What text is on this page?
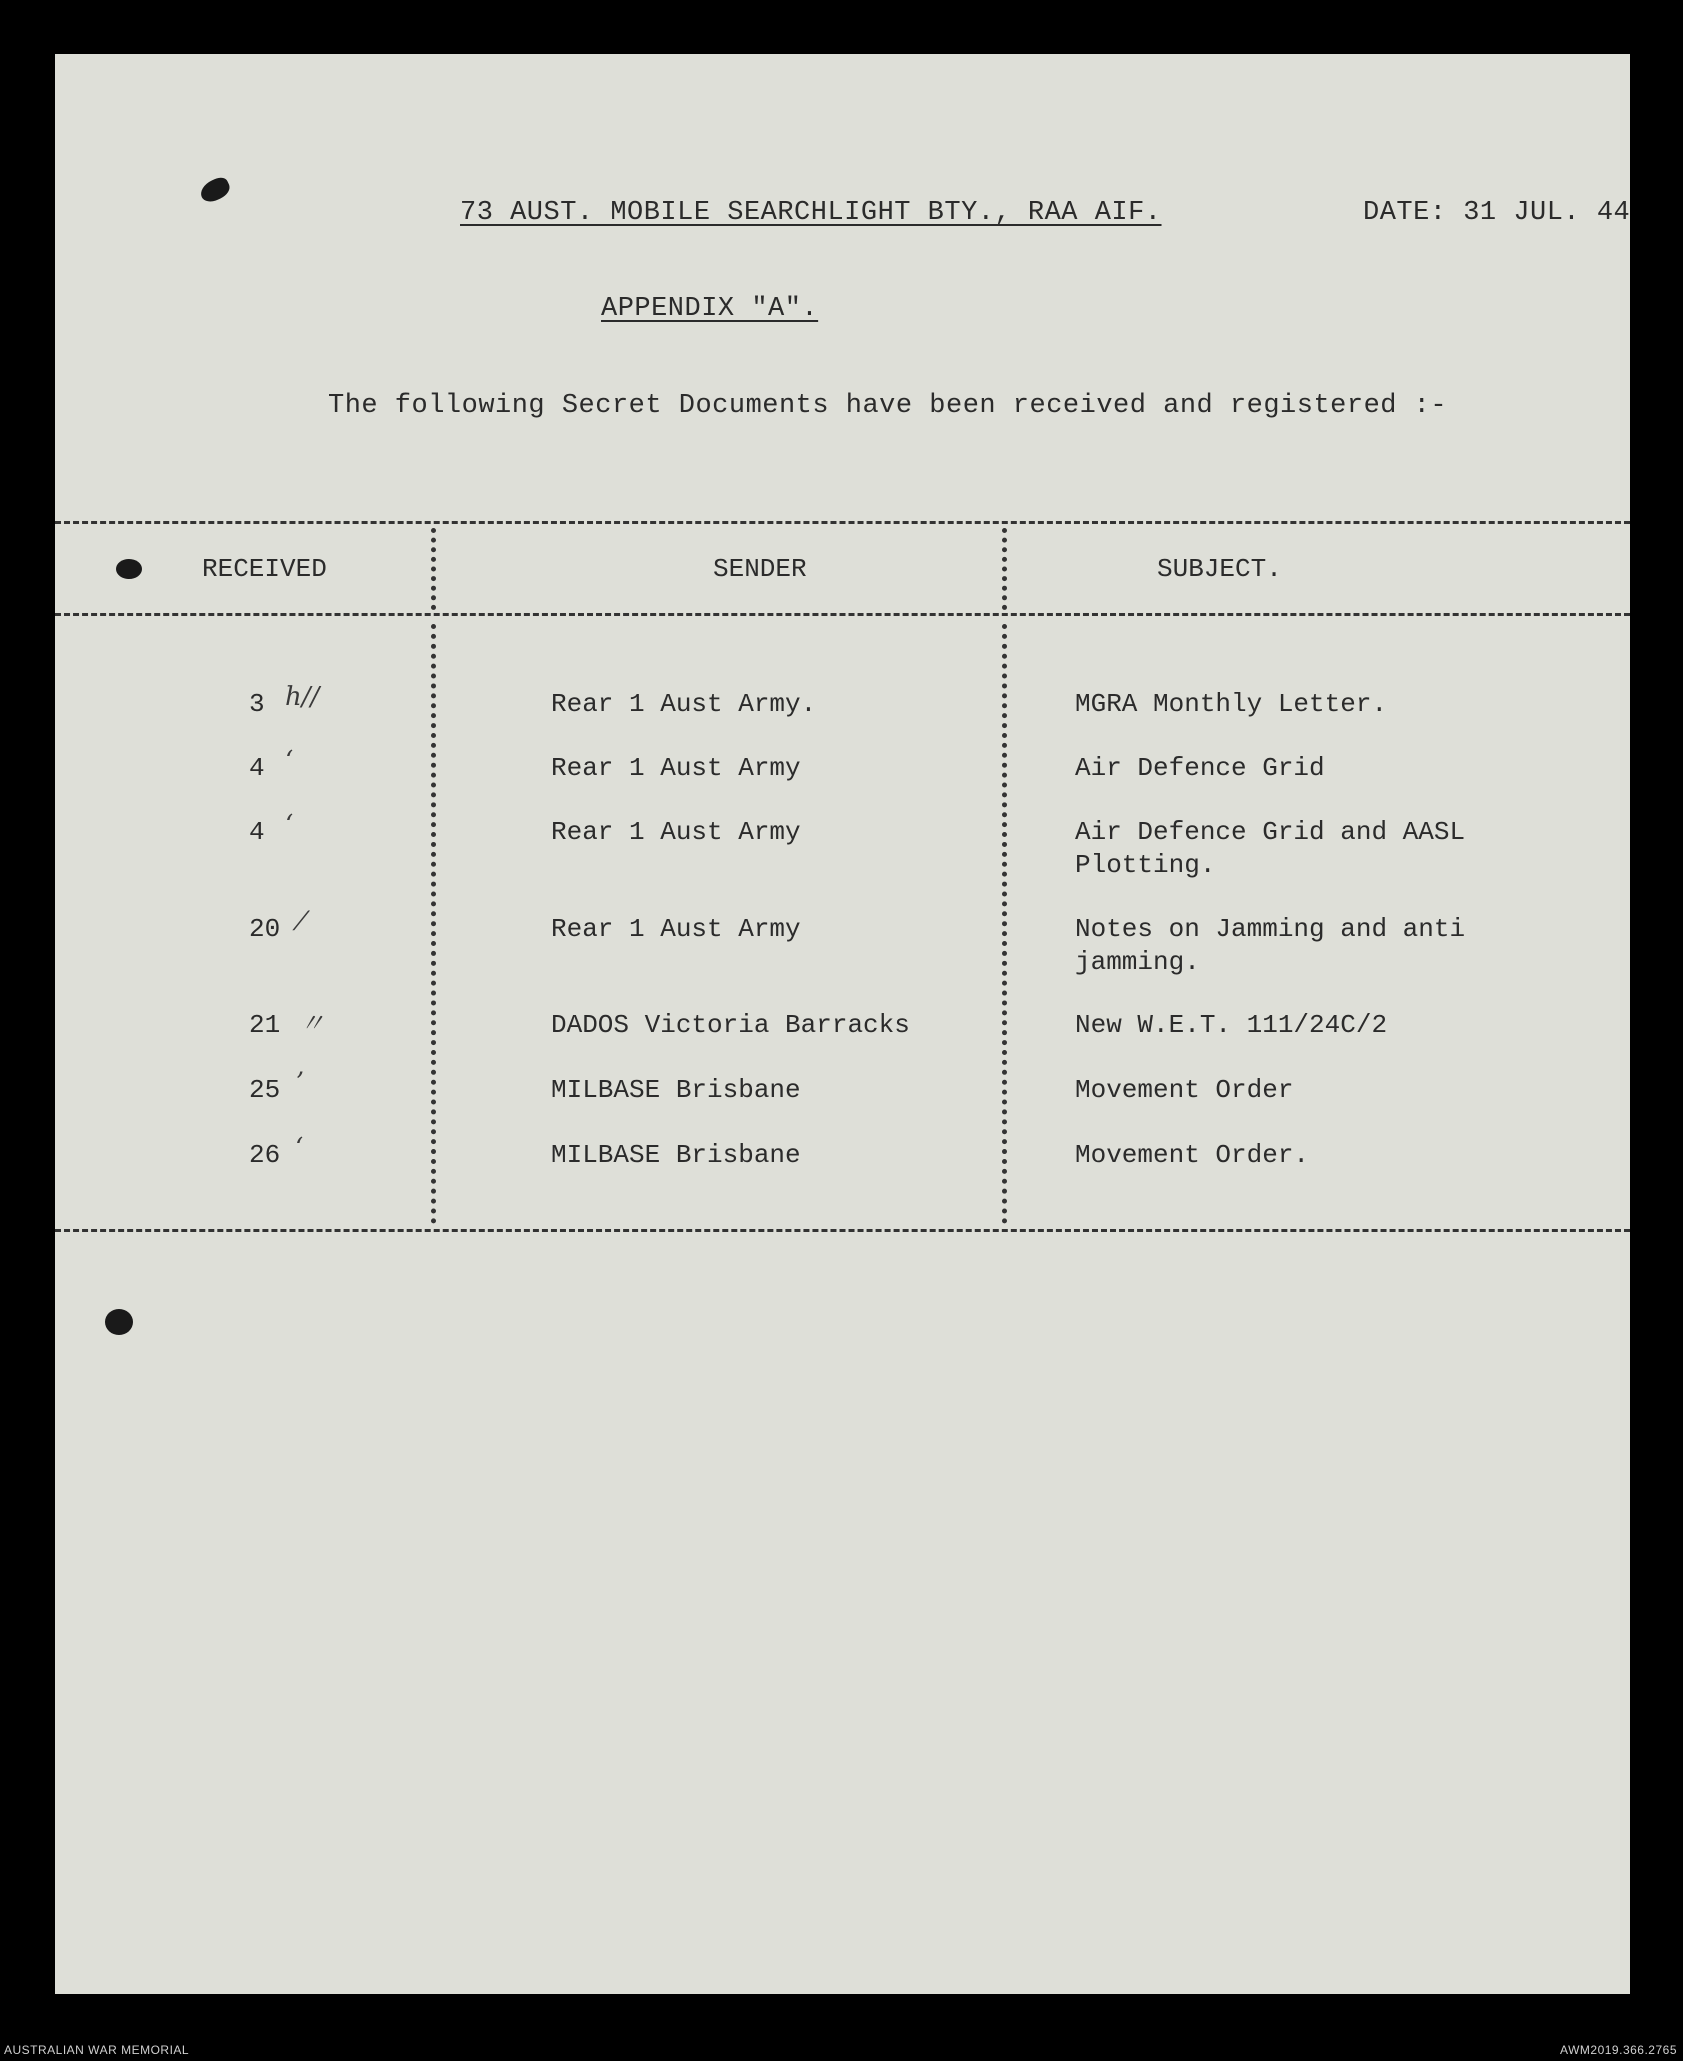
73 AUST. MOBILE SEARCHLIGHT BTY., RAA AIF.	DATE: 31 JUL. 44
APPENDIX "A".
The following Secret Documents have been received and registered :-
RECEIVED	SENDER	SUBJECT.
3 ℎ//	Rear 1 Aust Army.	MGRA Monthly Letter.
4 ʻ	Rear 1 Aust Army	Air Defence Grid
4 ʻ	Rear 1 Aust Army	Air Defence Grid and AASL
Plotting.
20 ⁄	Rear 1 Aust Army	Notes on Jamming and anti
jamming.
21 〃	DADOS Victoria Barracks	New W.E.T. 111/24C/2
25 ʼ	MILBASE Brisbane	Movement Order
26 ʻ	MILBASE Brisbane	Movement Order.
AUSTRALIAN WAR MEMORIAL	AWM2019.366.2765
